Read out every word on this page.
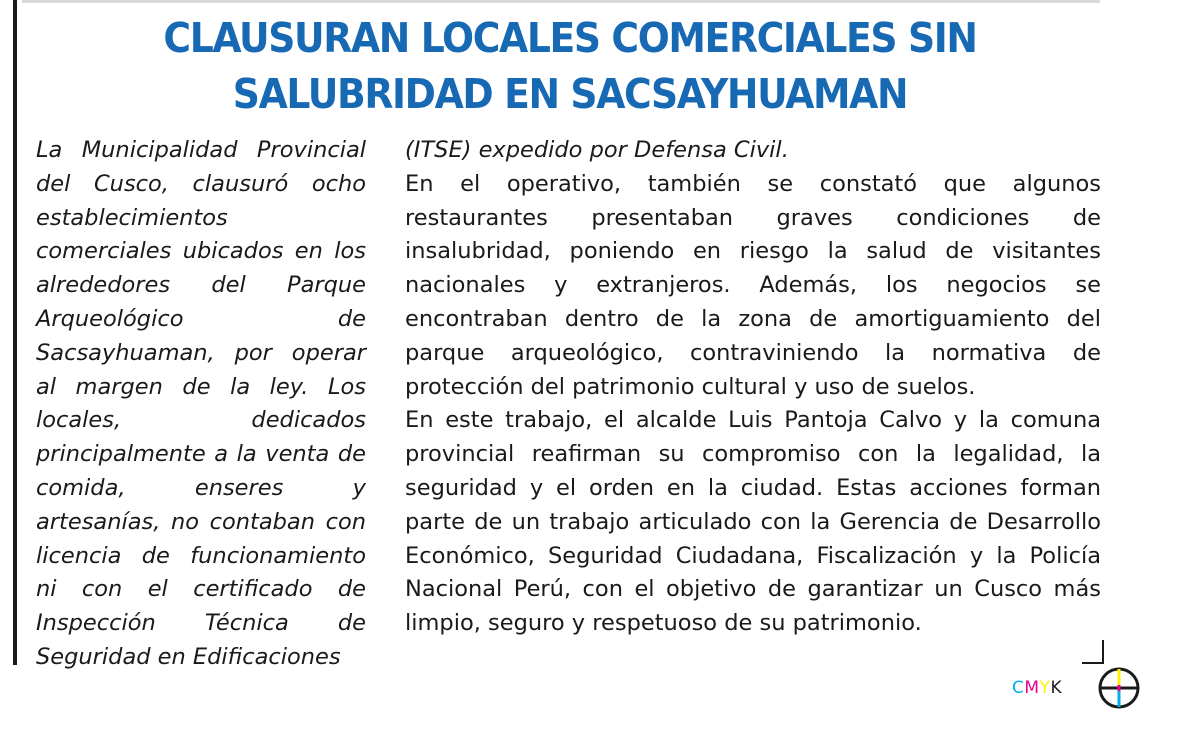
CLAUSURAN LOCALES COMERCIALES SIN SALUBRIDAD EN SACSAYHUAMAN

La Municipalidad Provincial del Cusco, clausuró ocho establecimientos comerciales ubicados en los alrededores del Parque Arqueológico de Sacsayhuaman, por operar al margen de la ley. Los locales, dedicados principalmente a la venta de comida, enseres y artesanías, no contaban con licencia de funcionamiento ni con el certificado de Inspección Técnica de Seguridad en Edificaciones

(ITSE) expedido por Defensa Civil.

En el operativo, también se constató que algunos restaurantes presentaban graves condiciones de insalubridad, poniendo en riesgo la salud de visitantes nacionales y extranjeros. Además, los negocios se encontraban dentro de la zona de amortiguamiento del parque arqueológico, contraviniendo la normativa de protección del patrimonio cultural y uso de suelos.

En este trabajo, el alcalde Luis Pantoja Calvo y la comuna provincial reafirman su compromiso con la legalidad, la seguridad y el orden en la ciudad. Estas acciones forman parte de un trabajo articulado con la Gerencia de Desarrollo Económico, Seguridad Ciudadana, Fiscalización y la Policía Nacional Perú, con el objetivo de garantizar un Cusco más limpio, seguro y respetuoso de su patrimonio.

CMYK
